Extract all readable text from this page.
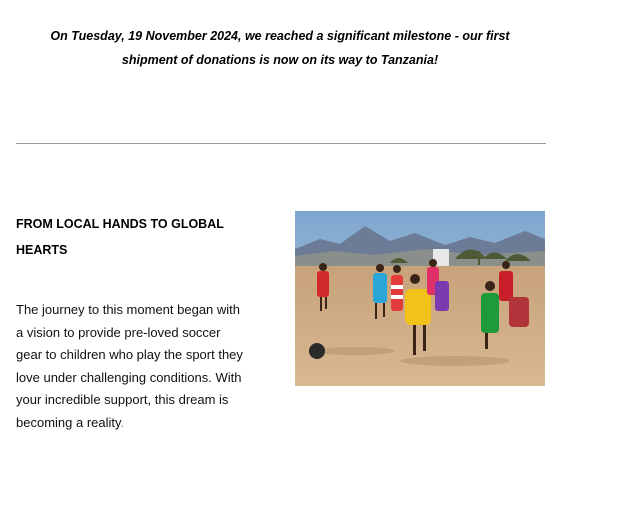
On Tuesday, 19 November 2024, we reached a significant milestone - our first
shipment of donations is now on its way to Tanzania!
FROM LOCAL HANDS TO GLOBAL
HEARTS
The journey to this moment began with
a vision to provide pre-loved soccer
gear to children who play the sport they
love under challenging conditions. With
your incredible support, this dream is
becoming a reality.
